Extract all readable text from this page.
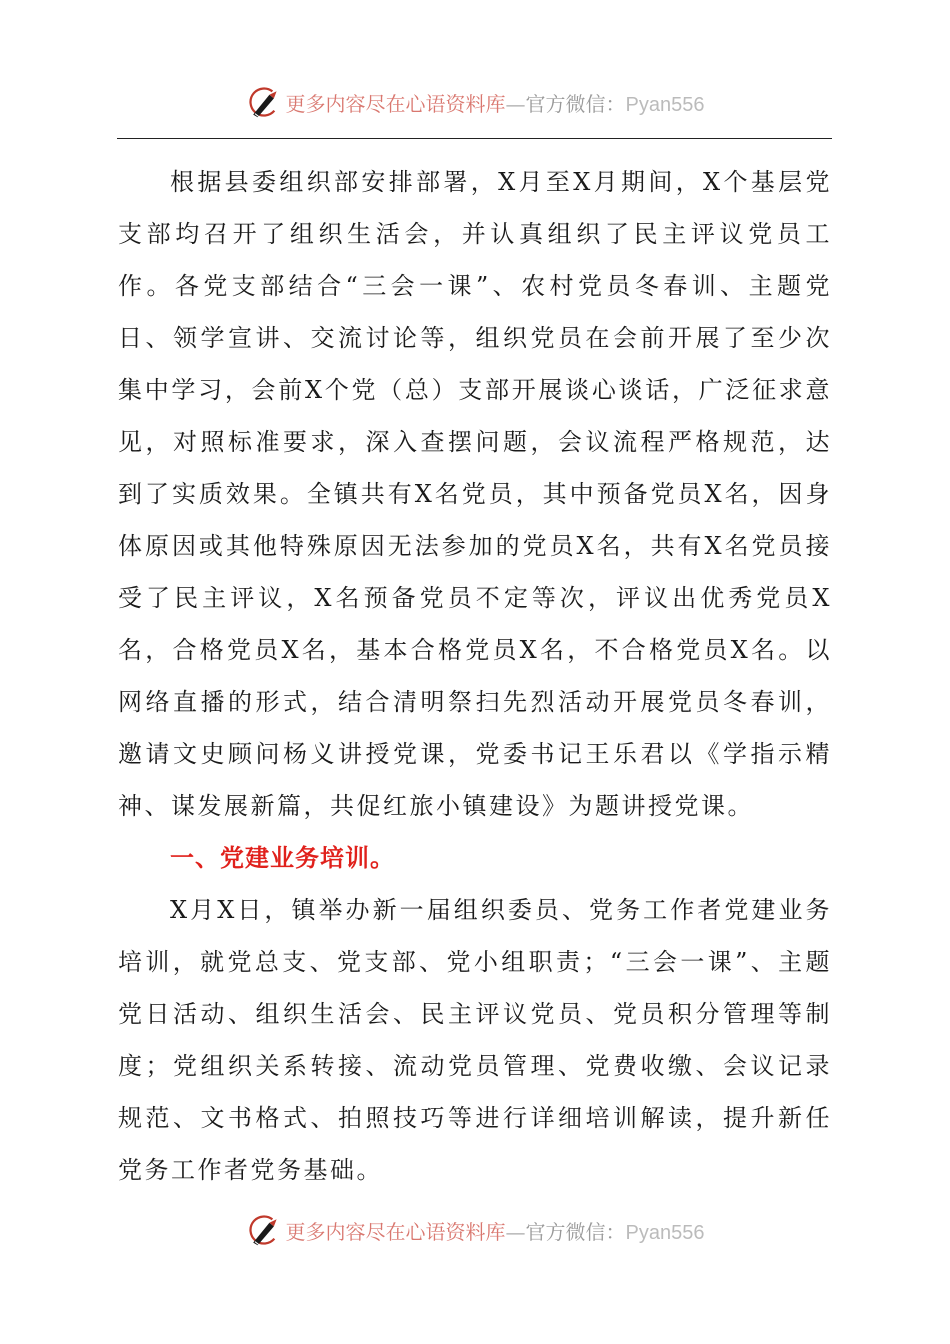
更多内容尽在心语资料库—官方微信：Pyan556

根据县委组织部安排部署，X月至X月期间，X个基层党支部均召开了组织生活会，并认真组织了民主评议党员工作。各党支部结合“三会一课”、农村党员冬春训、主题党日、领学宣讲、交流讨论等，组织党员在会前开展了至少次集中学习，会前X个党（总）支部开展谈心谈话，广泛征求意见，对照标准要求，深入查摆问题，会议流程严格规范，达到了实质效果。全镇共有X名党员，其中预备党员X名，因身体原因或其他特殊原因无法参加的党员X名，共有X名党员接受了民主评议，X名预备党员不定等次，评议出优秀党员X名，合格党员X名，基本合格党员X名，不合格党员X名。以网络直播的形式，结合清明祭扫先烈活动开展党员冬春训，邀请文史顾问杨义讲授党课，党委书记王乐君以《学指示精神、谋发展新篇，共促红旅小镇建设》为题讲授党课。

一、党建业务培训。

X月X日，镇举办新一届组织委员、党务工作者党建业务培训，就党总支、党支部、党小组职责；“三会一课”、主题党日活动、组织生活会、民主评议党员、党员积分管理等制度；党组织关系转接、流动党员管理、党费收缴、会议记录规范、文书格式、拍照技巧等进行详细培训解读，提升新任党务工作者党务基础。

更多内容尽在心语资料库—官方微信：Pyan556
